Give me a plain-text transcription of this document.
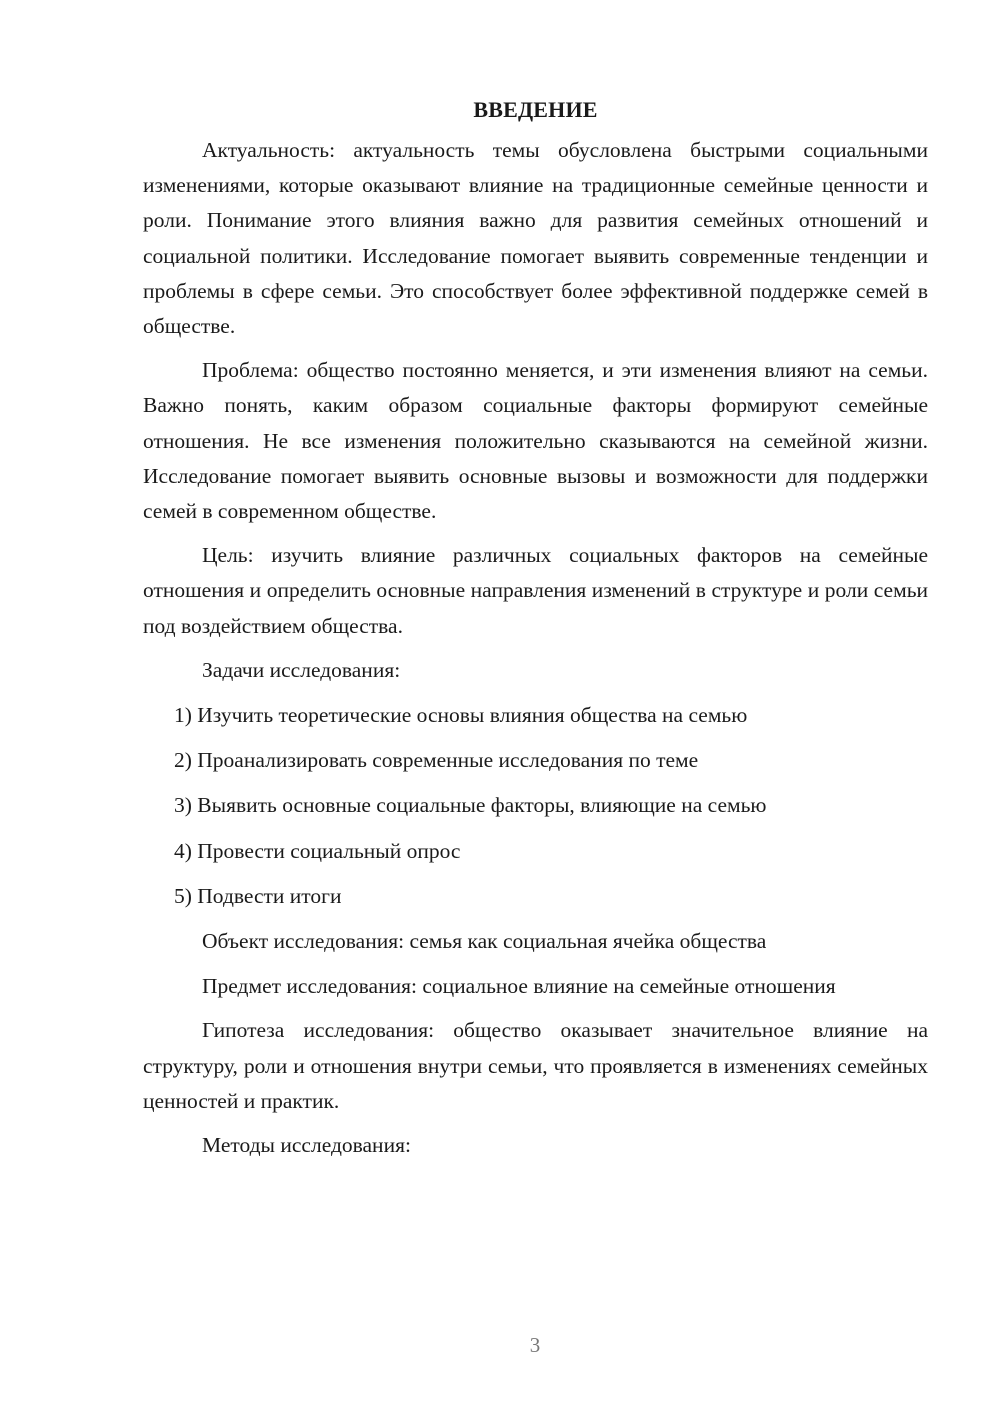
ВВЕДЕНИЕ

Актуальность: актуальность темы обусловлена быстрыми социальными изменениями, которые оказывают влияние на традиционные семейные ценности и роли. Понимание этого влияния важно для развития семейных отношений и социальной политики. Исследование помогает выявить современные тенденции и проблемы в сфере семьи. Это способствует более эффективной поддержке семей в обществе.

Проблема: общество постоянно меняется, и эти изменения влияют на семьи. Важно понять, каким образом социальные факторы формируют семейные отношения. Не все изменения положительно сказываются на семейной жизни. Исследование помогает выявить основные вызовы и возможности для поддержки семей в современном обществе.

Цель: изучить влияние различных социальных факторов на семейные отношения и определить основные направления изменений в структуре и роли семьи под воздействием общества.

Задачи исследования:

1) Изучить теоретические основы влияния общества на семью

2) Проанализировать современные исследования по теме

3) Выявить основные социальные факторы, влияющие на семью

4) Провести социальный опрос

5) Подвести итоги

Объект исследования: семья как социальная ячейка общества

Предмет исследования: социальное влияние на семейные отношения

Гипотеза исследования: общество оказывает значительное влияние на структуру, роли и отношения внутри семьи, что проявляется в изменениях семейных ценностей и практик.

Методы исследования:

3
